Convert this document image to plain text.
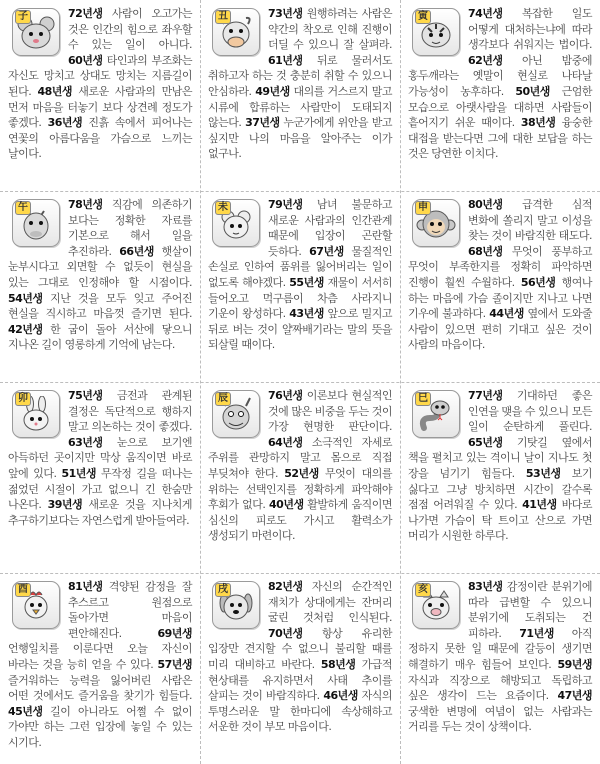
子	72년생 사람이 오고가는 것은 인간의 힘으로 좌우할 수 있는 일이 아니다. 60년생 타인과의 부조화는 자신도 망치고 상대도 망치는 지름길이 된다. 48년생 새로운 사람과의 만남은 먼저 마음을 터놓기 보다 상견례 정도가 좋겠다. 36년생 진흙 속에서 피어나는 연꽃의 아름다움을 가슴으로 느끼는 날이다.

丑	73년생 원행하려는 사람은 약간의 착오로 인해 진행이 더딜 수 있으니 잘 살펴라. 61년생 뒤로 물러서도 취하고자 하는 것 충분히 취할 수 있으니 안심하라. 49년생 대의를 거스르지 말고 시류에 합류하는 사람만이 도태되지 않는다. 37년생 누군가에게 위안을 받고 싶지만 나의 마음을 알아주는 이가 없구나.

寅	74년생 복잡한 일도 어떻게 대처하는냐에 따라 생각보다 쉬워지는 법이다. 62년생 아닌 밤중에 홍두깨라는 옛말이 현실로 나타날 가능성이 농후하다. 50년생 근엄한 모습으로 아랫사람을 대하면 사람들이 흩어지기 쉬운 때이다. 38년생 융숭한 대접을 받는다면 그에 대한 보답을 하는 것은 당연한 이치다.

午	78년생 직감에 의존하기 보다는 정확한 자료를 기본으로 해서 일을 추진하라. 66년생 햇살이 눈부시다고 외면할 수 없듯이 현실을 있는 그대로 인정해야 할 시점이다. 54년생 지난 것을 모두 잊고 주어진 현실을 직시하고 마음껏 즐기면 된다. 42년생 한 굽이 돌아 서산에 닿으니 지나온 길이 영롱하게 기억에 남는다.

未	79년생 남녀 불문하고 새로운 사람과의 인간관계 때문에 입장이 곤란할 듯하다. 67년생 물질적인 손실로 인하여 품위를 잃어버리는 일이 없도록 해야겠다. 55년생 재물이 서서히 들어오고 먹구름이 차츰 사라지니 기운이 왕성하다. 43년생 앞으로 밀지고 뒤로 버는 것이 얄짜배기라는 말의 뜻을 되살릴 때이다.

申	80년생 급격한 심적 변화에 쏠리지 말고 이성을 찾는 것이 바람직한 태도다. 68년생 무엇이 풍부하고 무엇이 부족한지를 정확히 파악하면 진행이 훨씬 수월하다. 56년생 행여나 하는 마음에 가슴 졸이지만 지나고 나면 기우에 불과하다. 44년생 옆에서 도와줄 사람이 있으면 편히 기대고 싶은 것이 사람의 마음이다.

卯	75년생 금전과 관계된 결정은 독단적으로 행하지 말고 의논하는 것이 좋겠다. 63년생 눈으로 보기엔 아득하던 곳이지만 막상 움직이면 바로 앞에 있다. 51년생 무작정 길을 떠나는 젊었던 시절이 가고 없으니 긴 한숨만 나온다. 39년생 새로운 것을 지나치게 추구하기보다는 자연스럽게 받아들여라.

辰	76년생 이론보다 현실적인 것에 많은 비중을 두는 것이 가장 현명한 판단이다. 64년생 소극적인 자세로 주위를 관망하지 말고 몸으로 직접 부딪쳐야 한다. 52년생 무엇이 대의를 위하는 선택인지를 정확하게 파악해야 후회가 없다. 40년생 활발하게 움직이면 심신의 피로도 가시고 활력소가 생성되기 마련이다.

巳	77년생 기대하던 좋은 인연을 맺을 수 있으니 모든 일이 순탄하게 풀린다. 65년생 기탓길 옆에서 책을 펼치고 있는 격이니 날이 지나도 첫 장을 넘기기 힘들다. 53년생 보기 싫다고 그냥 방치하면 시간이 갈수록 점점 어려워질 수 있다. 41년생 바다로 나가면 가슴이 탁 트이고 산으로 가면 머리가 시원한 하루다.

酉	81년생 격양된 감정을 잘 추스르고 원점으로 돌아가면 마음이 편안해진다. 69년생 언행일치를 이룬다면 오늘 자신이 바라는 것을 능히 얻을 수 있다. 57년생 즐거워하는 능력을 잃어버린 사람은 어떤 것에서도 즐거움을 찾기가 힘들다. 45년생 길이 아니라도 어쩔 수 없이 가야만 하는 그런 입장에 놓일 수 있는 시기다.

戌	82년생 자신의 순간적인 재치가 상대에게는 잔머리 굴린 것처럼 인식된다. 70년생 항상 유리한 입장만 견지할 수 없으니 불리할 때를 미리 대비하고 바란다. 58년생 가급적 현상태를 유지하면서 사태 추이를 살피는 것이 바람직하다. 46년생 자식의 투명스러운 말 한마디에 속상해하고 서운한 것이 부모 마음이다.

亥	83년생 감정이란 분위기에 따라 급변할 수 있으니 분위기에 도취되는 건 피하라. 71년생 아직 정하지 못한 일 때문에 갈등이 생기면 해결하기 매우 힘들어 보인다. 59년생 자식과 직장으로 해방되고 독립하고 싶은 생각이 드는 요즘이다. 47년생 궁색한 변명에 여념이 없는 사람과는 거리를 두는 것이 상책이다.
